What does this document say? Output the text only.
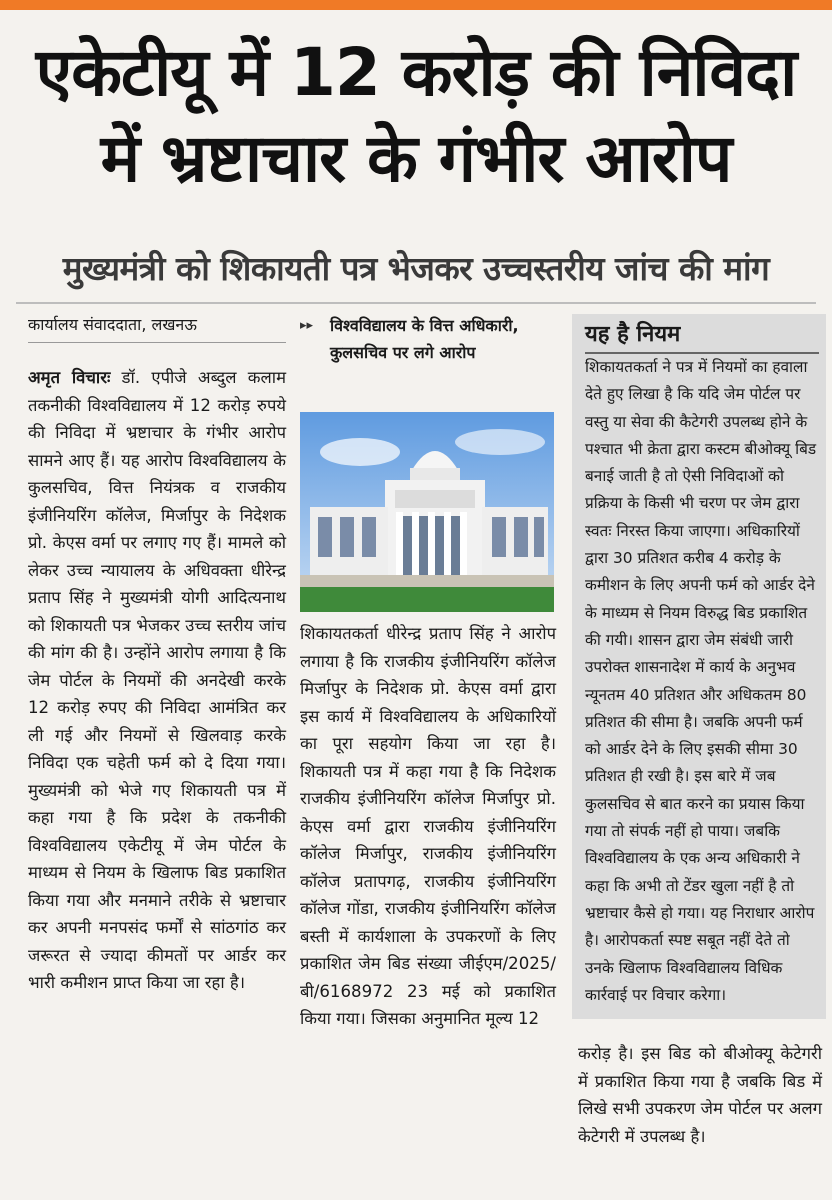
एकेटीयू में 12 करोड़ की निविदा
में भ्रष्टाचार के गंभीर आरोप
मुख्यमंत्री को शिकायती पत्र भेजकर उच्चस्तरीय जांच की मांग
कार्यालय संवाददाता, लखनऊ
अमृत विचारः डॉ. एपीजे अब्दुल कलाम तकनीकी विश्वविद्यालय में 12 करोड़ रुपये की निविदा में भ्रष्टाचार के गंभीर आरोप सामने आए हैं। यह आरोप विश्वविद्यालय के कुलसचिव, वित्त नियंत्रक व राजकीय इंजीनियरिंग कॉलेज, मिर्जापुर के निदेशक प्रो. केएस वर्मा पर लगाए गए हैं। मामले को लेकर उच्च न्यायालय के अधिवक्ता धीरेन्द्र प्रताप सिंह ने मुख्यमंत्री योगी आदित्यनाथ को शिकायती पत्र भेजकर उच्च स्तरीय जांच की मांग की है। उन्होंने आरोप लगाया है कि जेम पोर्टल के नियमों की अनदेखी करके 12 करोड़ रुपए की निविदा आमंत्रित कर ली गई और नियमों से खिलवाड़ करके निविदा एक चहेती फर्म को दे दिया गया। मुख्यमंत्री को भेजे गए शिकायती पत्र में कहा गया है कि प्रदेश के तकनीकी विश्वविद्यालय एकेटीयू में जेम पोर्टल के माध्यम से नियम के खिलाफ बिड प्रकाशित किया गया और मनमाने तरीके से भ्रष्टाचार कर अपनी मनपसंद फर्मों से सांठगांठ कर जरूरत से ज्यादा कीमतों पर आर्डर कर भारी कमीशन प्राप्त किया जा रहा है।
▸▸ विश्वविद्यालय के वित्त अधिकारी, कुलसचिव पर लगे आरोप
शिकायतकर्ता धीरेन्द्र प्रताप सिंह ने आरोप लगाया है कि राजकीय इंजीनियरिंग कॉलेज मिर्जापुर के निदेशक प्रो. केएस वर्मा द्वारा इस कार्य में विश्वविद्यालय के अधिकारियों का पूरा सहयोग किया जा रहा है। शिकायती पत्र में कहा गया है कि निदेशक राजकीय इंजीनियरिंग कॉलेज मिर्जापुर प्रो. केएस वर्मा द्वारा राजकीय इंजीनियरिंग कॉलेज मिर्जापुर, राजकीय इंजीनियरिंग कॉलेज प्रतापगढ़, राजकीय इंजीनियरिंग कॉलेज गोंडा, राजकीय इंजीनियरिंग कॉलेज बस्ती में कार्यशाला के उपकरणों के लिए प्रकाशित जेम बिड संख्या जीईएम/2025/बी/6168972 23 मई को प्रकाशित किया गया। जिसका अनुमानित मूल्य 12
यह है नियम
शिकायतकर्ता ने पत्र में नियमों का हवाला देते हुए लिखा है कि यदि जेम पोर्टल पर वस्तु या सेवा की कैटेगरी उपलब्ध होने के पश्चात भी क्रेता द्वारा कस्टम बीओक्यू बिड बनाई जाती है तो ऐसी निविदाओं को प्रक्रिया के किसी भी चरण पर जेम द्वारा स्वतः निरस्त किया जाएगा। अधिकारियों द्वारा 30 प्रतिशत करीब 4 करोड़ के कमीशन के लिए अपनी फर्म को आर्डर देने के माध्यम से नियम विरुद्ध बिड प्रकाशित की गयी। शासन द्वारा जेम संबंधी जारी उपरोक्त शासनादेश में कार्य के अनुभव न्यूनतम 40 प्रतिशत और अधिकतम 80 प्रतिशत की सीमा है। जबकि अपनी फर्म को आर्डर देने के लिए इसकी सीमा 30 प्रतिशत ही रखी है। इस बारे में जब कुलसचिव से बात करने का प्रयास किया गया तो संपर्क नहीं हो पाया। जबकि विश्वविद्यालय के एक अन्य अधिकारी ने कहा कि अभी तो टेंडर खुला नहीं है तो भ्रष्टाचार कैसे हो गया। यह निराधार आरोप है। आरोपकर्ता स्पष्ट सबूत नहीं देते तो उनके खिलाफ विश्वविद्यालय विधिक कार्रवाई पर विचार करेगा।
करोड़ है। इस बिड को बीओक्यू केटेगरी में प्रकाशित किया गया है जबकि बिड में लिखे सभी उपकरण जेम पोर्टल पर अलग केटेगरी में उपलब्ध है।
